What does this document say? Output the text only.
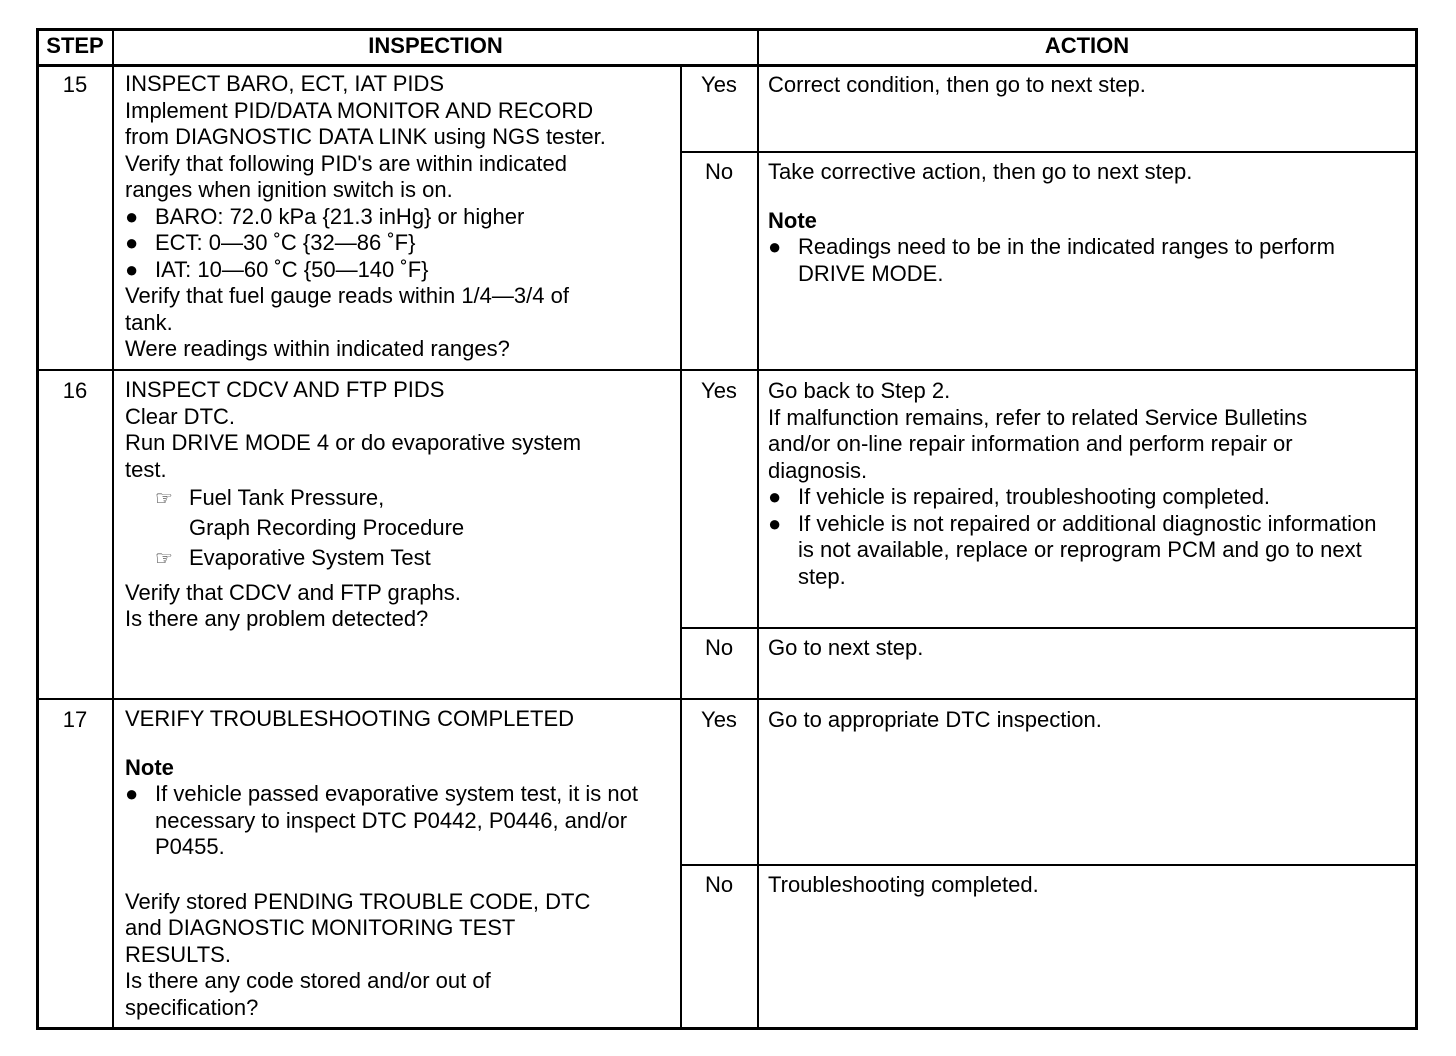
STEP	INSPECTION	ACTION
15	INSPECT BARO, ECT, IAT PIDS
Implement PID/DATA MONITOR AND RECORD
from DIAGNOSTIC DATA LINK using NGS tester.
Verify that following PID's are within indicated
ranges when ignition switch is on.
● BARO: 72.0 kPa {21.3 inHg} or higher
● ECT: 0—30 ˚C {32—86 ˚F}
● IAT: 10—60 ˚C {50—140 ˚F}
Verify that fuel gauge reads within 1/4—3/4 of
tank.
Were readings within indicated ranges?
Yes	Correct condition, then go to next step.
No	Take corrective action, then go to next step.
Note
● Readings need to be in the indicated ranges to perform DRIVE MODE.
16	INSPECT CDCV AND FTP PIDS
Clear DTC.
Run DRIVE MODE 4 or do evaporative system
test.
☞ Fuel Tank Pressure,
Graph Recording Procedure
☞ Evaporative System Test
Verify that CDCV and FTP graphs.
Is there any problem detected?
Yes	Go back to Step 2.
If malfunction remains, refer to related Service Bulletins
and/or on-line repair information and perform repair or
diagnosis.
● If vehicle is repaired, troubleshooting completed.
● If vehicle is not repaired or additional diagnostic information is not available, replace or reprogram PCM and go to next step.
No	Go to next step.
17	VERIFY TROUBLESHOOTING COMPLETED
Note
● If vehicle passed evaporative system test, it is not necessary to inspect DTC P0442, P0446, and/or P0455.
Verify stored PENDING TROUBLE CODE, DTC
and DIAGNOSTIC MONITORING TEST
RESULTS.
Is there any code stored and/or out of
specification?
Yes	Go to appropriate DTC inspection.
No	Troubleshooting completed.
